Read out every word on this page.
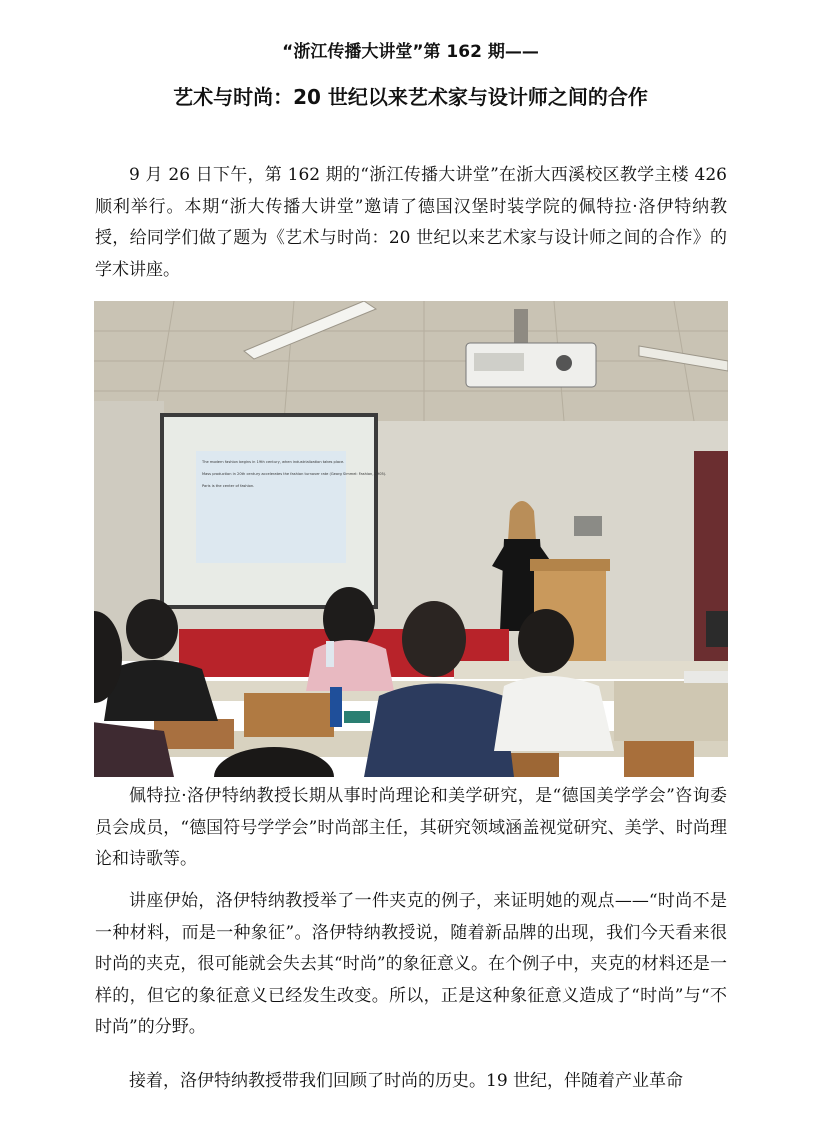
“浙江传播大讲堂”第 162 期——
艺术与时尚：20 世纪以来艺术家与设计师之间的合作

9 月 26 日下午，第 162 期的“浙江传播大讲堂”在浙大西溪校区教学主楼 426 顺利举行。本期“浙大传播大讲堂”邀请了德国汉堡时装学院的佩特拉·洛伊特纳教授，给同学们做了题为《艺术与时尚：20 世纪以来艺术家与设计师之间的合作》的学术讲座。

The modern fashion begins in 19th century, when industrialization takes place.
Mass production in 20th century accelerates the fashion turnover rate (Georg Simmel: Fashion, 1905).
Paris is the center of fashion.

佩特拉·洛伊特纳教授长期从事时尚理论和美学研究，是“德国美学学会”咨询委员会成员，“德国符号学学会”时尚部主任，其研究领域涵盖视觉研究、美学、时尚理论和诗歌等。

讲座伊始，洛伊特纳教授举了一件夹克的例子，来证明她的观点——“时尚不是一种材料，而是一种象征”。洛伊特纳教授说，随着新品牌的出现，我们今天看来很时尚的夹克，很可能就会失去其“时尚”的象征意义。在个例子中，夹克的材料还是一样的，但它的象征意义已经发生改变。所以，正是这种象征意义造成了“时尚”与“不时尚”的分野。

接着，洛伊特纳教授带我们回顾了时尚的历史。19 世纪，伴随着产业革命
